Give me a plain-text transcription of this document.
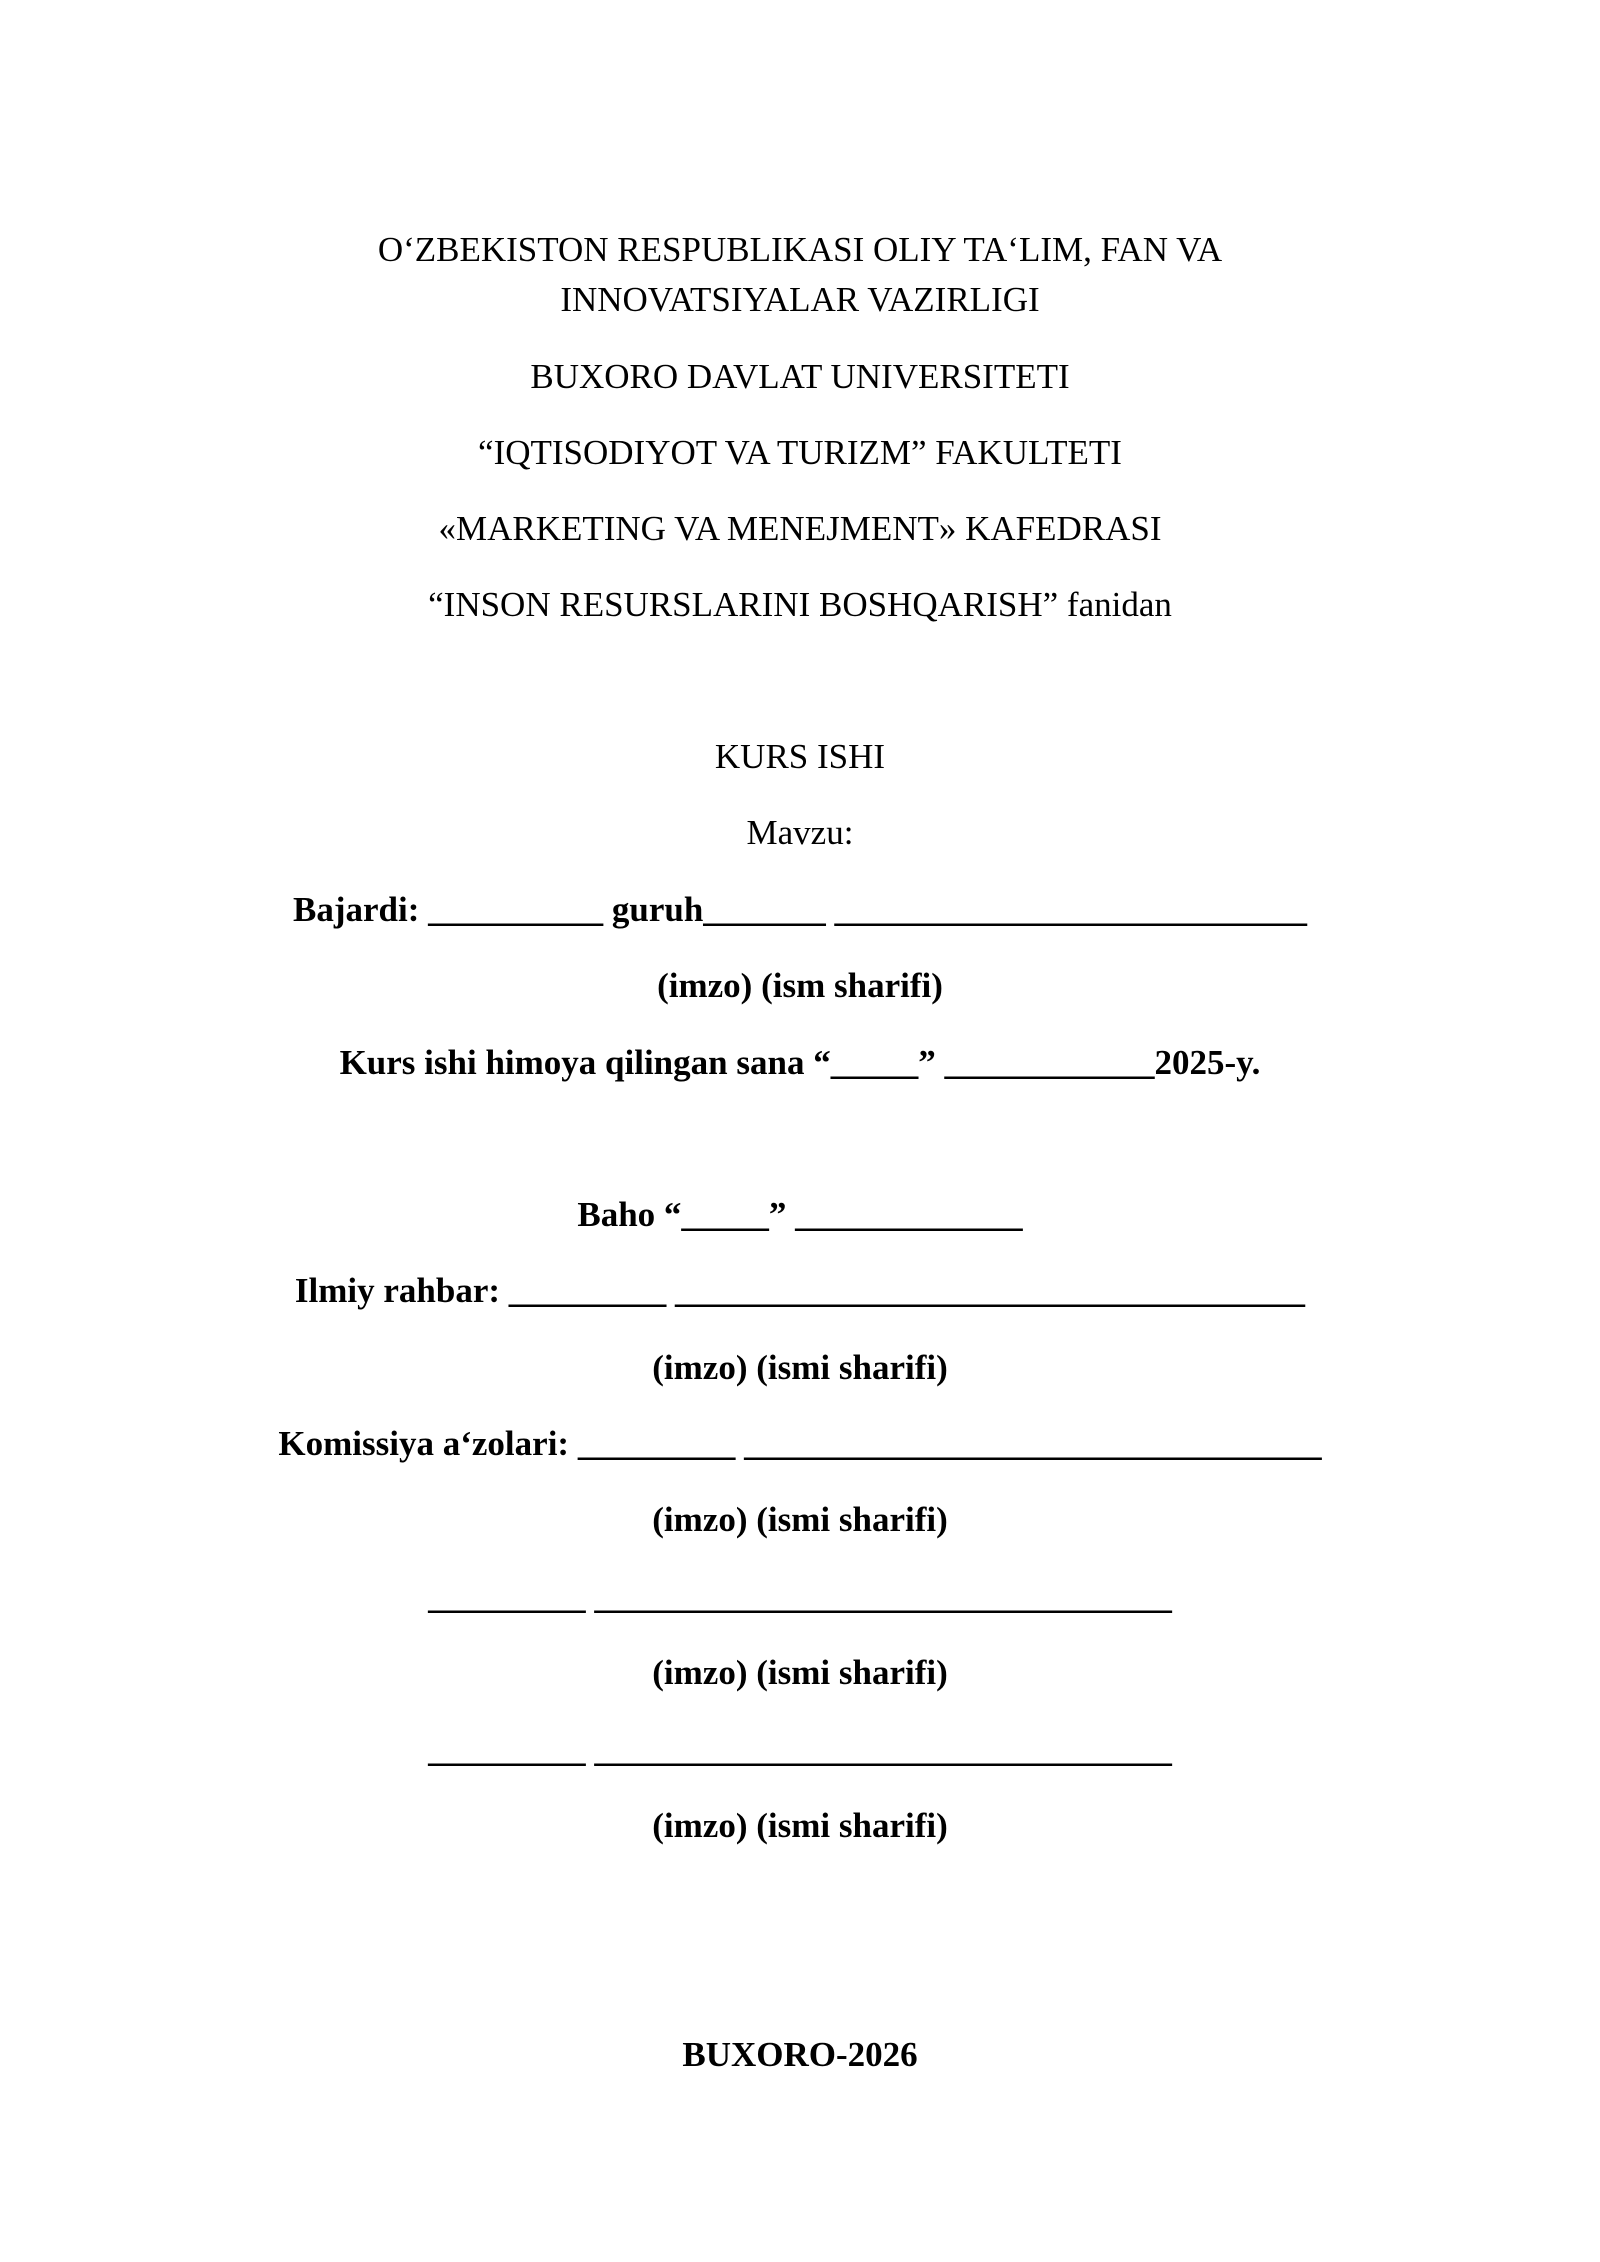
O‘ZBEKISTON RESPUBLIKASI OLIY TA‘LIM, FAN VA
INNOVATSIYALAR VAZIRLIGI
BUXORO DAVLAT UNIVERSITETI
“IQTISODIYOT VA TURIZM” FAKULTETI
«MARKETING VA MENEJMENT» KAFEDRASI
“INSON RESURSLARINI BOSHQARISH” fanidan
KURS ISHI
Mavzu:
Bajardi: __________ guruh_______ ___________________________
(imzo) (ism sharifi)
Kurs ishi himoya qilingan sana “_____” ____________2025-y.
Baho “_____” _____________
Ilmiy rahbar: _________ ____________________________________
(imzo) (ismi sharifi)
Komissiya a‘zolari: _________ _________________________________
(imzo) (ismi sharifi)
_________ _________________________________
(imzo) (ismi sharifi)
_________ _________________________________
(imzo) (ismi sharifi)
BUXORO-2026
